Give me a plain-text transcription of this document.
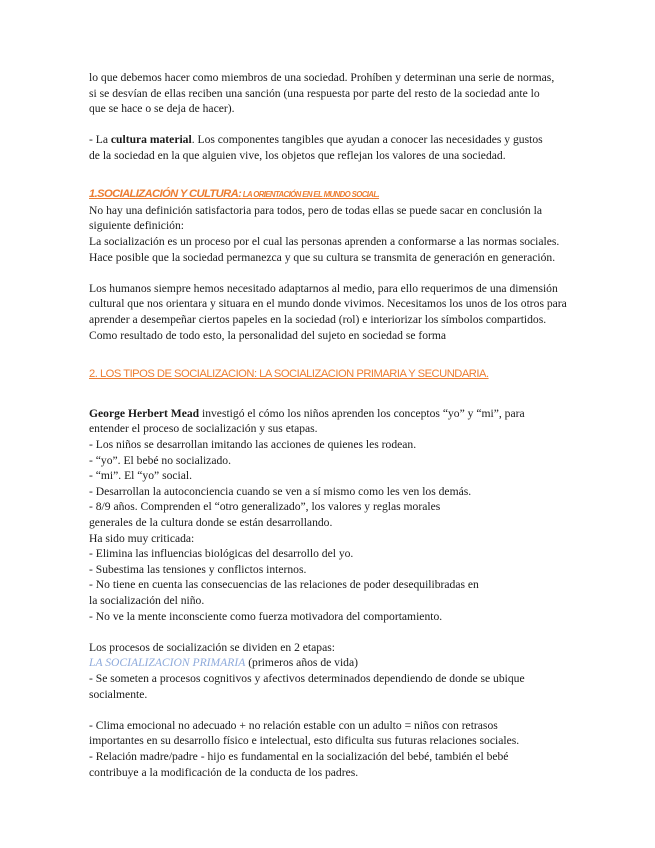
lo que debemos hacer como miembros de una sociedad. Prohíben y determinan una serie de normas,
si se desvían de ellas reciben una sanción (una respuesta por parte del resto de la sociedad ante lo
que se hace o se deja de hacer).
- La cultura material. Los componentes tangibles que ayudan a conocer las necesidades y gustos
de la sociedad en la que alguien vive, los objetos que reflejan los valores de una sociedad.
1.SOCIALIZACIÓN Y CULTURA: LA ORIENTACIÓN EN EL MUNDO SOCIAL.
No hay una definición satisfactoria para todos, pero de todas ellas se puede sacar en conclusión la
siguiente definición:
La socialización es un proceso por el cual las personas aprenden a conformarse a las normas sociales.
Hace posible que la sociedad permanezca y que su cultura se transmita de generación en generación.
Los humanos siempre hemos necesitado adaptarnos al medio, para ello requerimos de una dimensión
cultural que nos orientara y situara en el mundo donde vivimos. Necesitamos los unos de los otros para
aprender a desempeñar ciertos papeles en la sociedad (rol) e interiorizar los símbolos compartidos.
Como resultado de todo esto, la personalidad del sujeto en sociedad se forma
2. LOS TIPOS DE SOCIALIZACION: LA SOCIALIZACION PRIMARIA Y SECUNDARIA.
George Herbert Mead investigó el cómo los niños aprenden los conceptos “yo” y “mi”, para
entender el proceso de socialización y sus etapas.
- Los niños se desarrollan imitando las acciones de quienes les rodean.
- “yo”. El bebé no socializado.
- “mi”. El “yo” social.
- Desarrollan la autoconciencia cuando se ven a sí mismo como les ven los demás.
- 8/9 años. Comprenden el “otro generalizado”, los valores y reglas morales
generales de la cultura donde se están desarrollando.
Ha sido muy criticada:
- Elimina las influencias biológicas del desarrollo del yo.
- Subestima las tensiones y conflictos internos.
- No tiene en cuenta las consecuencias de las relaciones de poder desequilibradas en
la socialización del niño.
- No ve la mente inconsciente como fuerza motivadora del comportamiento.
Los procesos de socialización se dividen en 2 etapas:
LA SOCIALIZACION PRIMARIA (primeros años de vida)
- Se someten a procesos cognitivos y afectivos determinados dependiendo de donde se ubique
socialmente.
- Clima emocional no adecuado + no relación estable con un adulto = niños con retrasos
importantes en su desarrollo físico e intelectual, esto dificulta sus futuras relaciones sociales.
- Relación madre/padre - hijo es fundamental en la socialización del bebé, también el bebé
contribuye a la modificación de la conducta de los padres.
